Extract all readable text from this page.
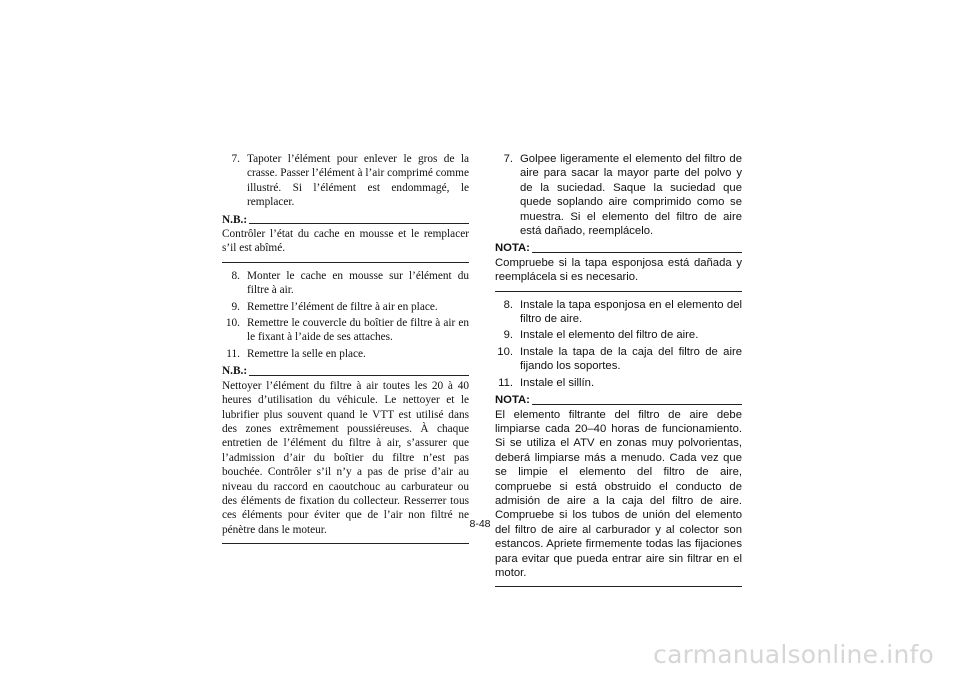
7. Tapoter l’élément pour enlever le gros de la crasse. Passer l’élément à l’air comprimé comme illustré. Si l’élément est endommagé, le remplacer.
N.B.:
Contrôler l’état du cache en mousse et le remplacer s’il est abîmé.
8. Monter le cache en mousse sur l’élément du filtre à air.
9. Remettre l’élément de filtre à air en place.
10. Remettre le couvercle du boîtier de filtre à air en le fixant à l’aide de ses attaches.
11. Remettre la selle en place.
N.B.:
Nettoyer l’élément du filtre à air toutes les 20 à 40 heures d’utilisation du véhicule. Le nettoyer et le lubrifier plus souvent quand le VTT est utilisé dans des zones extrêmement poussiéreuses. À chaque entretien de l’élément du filtre à air, s’assurer que l’admission d’air du boîtier du filtre n’est pas bouchée. Contrôler s’il n’y a pas de prise d’air au niveau du raccord en caoutchouc au carburateur ou des éléments de fixation du collecteur. Resserrer tous ces éléments pour éviter que de l’air non filtré ne pénètre dans le moteur.
7. Golpee ligeramente el elemento del filtro de aire para sacar la mayor parte del polvo y de la suciedad. Saque la suciedad que quede soplando aire comprimido como se muestra. Si el elemento del filtro de aire está dañado, reemplácelo.
NOTA:
Compruebe si la tapa esponjosa está dañada y reemplácela si es necesario.
8. Instale la tapa esponjosa en el elemento del filtro de aire.
9. Instale el elemento del filtro de aire.
10. Instale la tapa de la caja del filtro de aire fijando los soportes.
11. Instale el sillín.
NOTA:
El elemento filtrante del filtro de aire debe limpiarse cada 20–40 horas de funcionamiento. Si se utiliza el ATV en zonas muy polvorientas, deberá limpiarse más a menudo. Cada vez que se limpie el elemento del filtro de aire, compruebe si está obstruido el conducto de admisión de aire a la caja del filtro de aire. Compruebe si los tubos de unión del elemento del filtro de aire al carburador y al colector son estancos. Apriete firmemente todas las fijaciones para evitar que pueda entrar aire sin filtrar en el motor.
8-48
carmanualsonline.info
